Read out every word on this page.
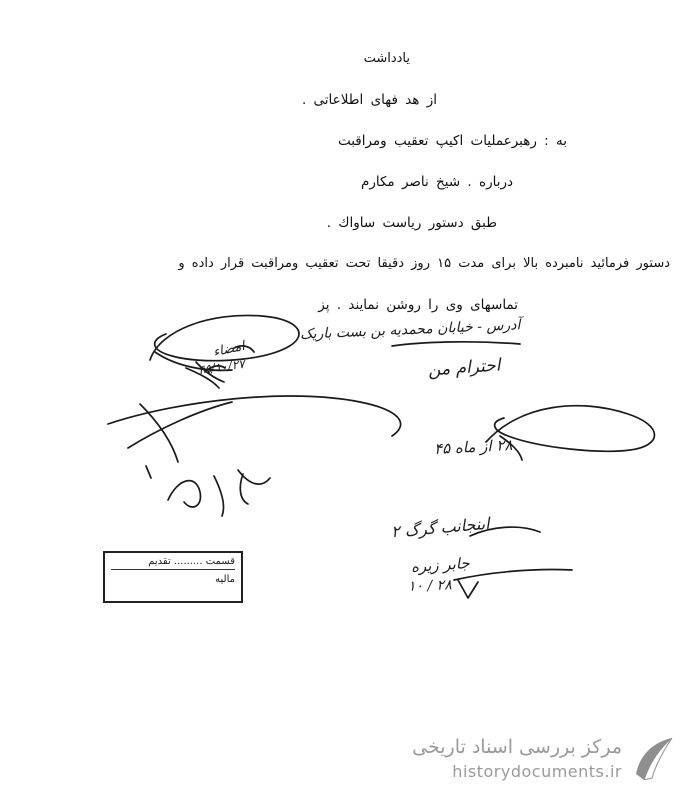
یادداشت
از هد فهای اطلاعاتی .
به : رهبرعملیات اکیپ تعقیب ومراقبت
درباره . شیخ ناصر مکارم
طبق دستور ریاست ساواك .
دستور فرمائید نامبرده بالا برای مدت ۱۵ روز دقیقا تحت تعقیب ومراقبت قرار داده و
تماسهای وی را روشن نمایند . پز
آدرس - خیابان محمدیه بن بست باریک
احترام من
۲۸ از ماه ۴۵
اینجانب گرگ ۲
جابر زیره
۲۸ / ۱۰
امضاء
۴۵/۱۰/۲۷
قسمت ......... تقدیم
مالیه
مرکز بررسی اسناد تاریخی
historydocuments.ir
